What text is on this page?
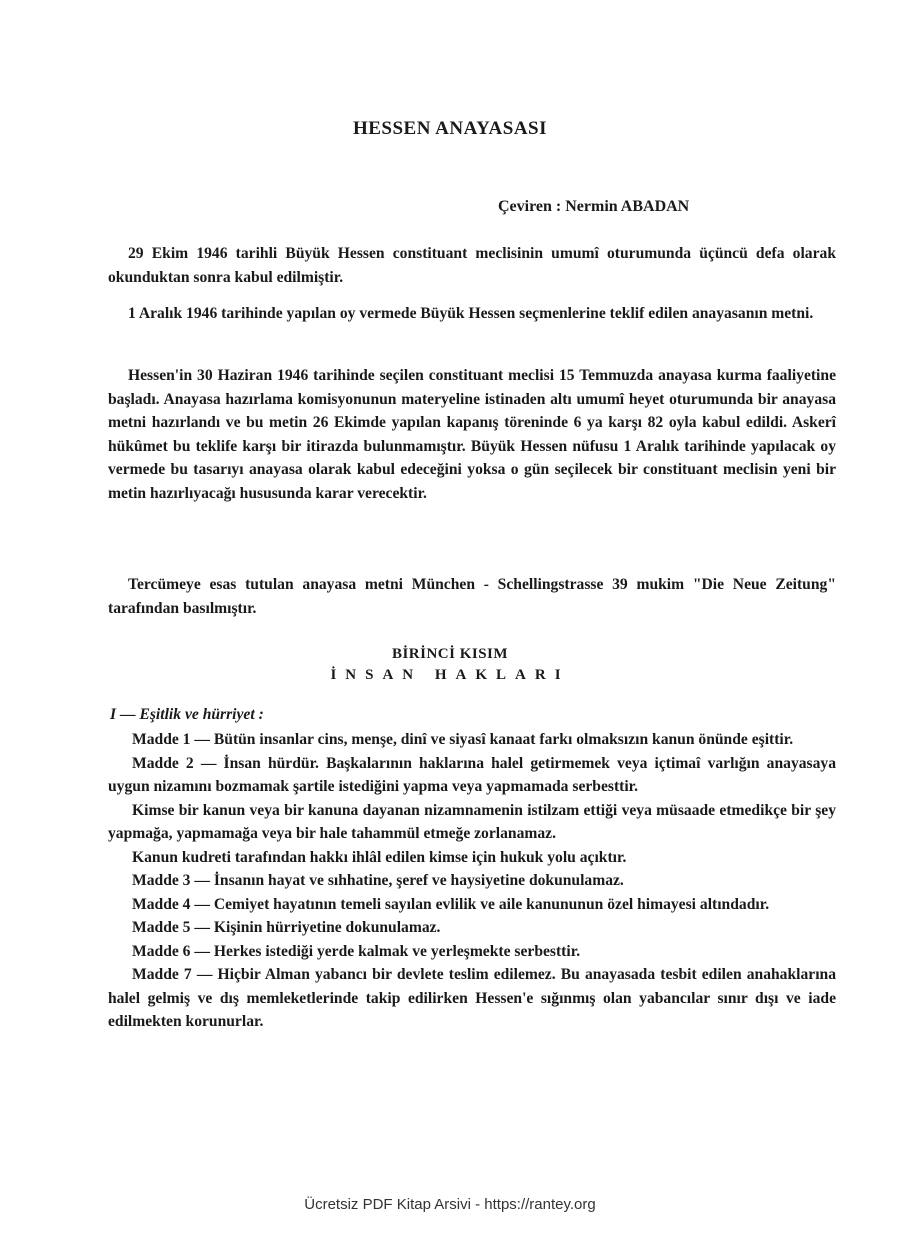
HESSEN ANAYASASI
Çeviren : Nermin ABADAN
29 Ekim 1946 tarihli Büyük Hessen constituant meclisinin umumî oturumunda üçüncü defa olarak okunduktan sonra kabul edilmiştir.
1 Aralık 1946 tarihinde yapılan oy vermede Büyük Hessen seçmenlerine teklif edilen anayasanın metni.
Hessen'in 30 Haziran 1946 tarihinde seçilen constituant meclisi 15 Temmuzda anayasa kurma faaliyetine başladı. Anayasa hazırlama komisyonunun materyeline istinaden altı umumî heyet oturumunda bir anayasa metni hazırlandı ve bu metin 26 Ekimde yapılan kapanış töreninde 6 ya karşı 82 oyla kabul edildi. Askerî hükûmet bu teklife karşı bir itirazda bulunmamıştır. Büyük Hessen nüfusu 1 Aralık tarihinde yapılacak oy vermede bu tasarıyı anayasa olarak kabul edeceğini yoksa o gün seçilecek bir constituant meclisin yeni bir metin hazırlıyacağı hususunda karar verecektir.
Tercümeye esas tutulan anayasa metni München - Schellingstrasse 39 mukim "Die Neue Zeitung" tarafından basılmıştır.
BİRİNCİ KISIM
İNSAN HAKLARI
I — Eşitlik ve hürriyet :
Madde 1 — Bütün insanlar cins, menşe, dinî ve siyasî kanaat farkı olmaksızın kanun önünde eşittir.
Madde 2 — İnsan hürdür. Başkalarının haklarına halel getirmemek veya içtimaî varlığın anayasaya uygun nizamını bozmamak şartile istediğini yapma veya yapmamada serbesttir.
Kimse bir kanun veya bir kanuna dayanan nizamnamenin istilzam ettiği veya müsaade etmedikçe bir şey yapmağa, yapmamağa veya bir hale tahammül etmeğe zorlanamaz.
Kanun kudreti tarafından hakkı ihlâl edilen kimse için hukuk yolu açıktır.
Madde 3 — İnsanın hayat ve sıhhatine, şeref ve haysiyetine dokunulamaz.
Madde 4 — Cemiyet hayatının temeli sayılan evlilik ve aile kanununun özel himayesi altındadır.
Madde 5 — Kişinin hürriyetine dokunulamaz.
Madde 6 — Herkes istediği yerde kalmak ve yerleşmekte serbesttir.
Madde 7 — Hiçbir Alman yabancı bir devlete teslim edilemez. Bu anayasada tesbit edilen anahaklarına halel gelmiş ve dış memleketlerinde takip edilirken Hessen'e sığınmış olan yabancılar sınır dışı ve iade edilmekten korunurlar.
Ücretsiz PDF Kitap Arsivi - https://rantey.org
